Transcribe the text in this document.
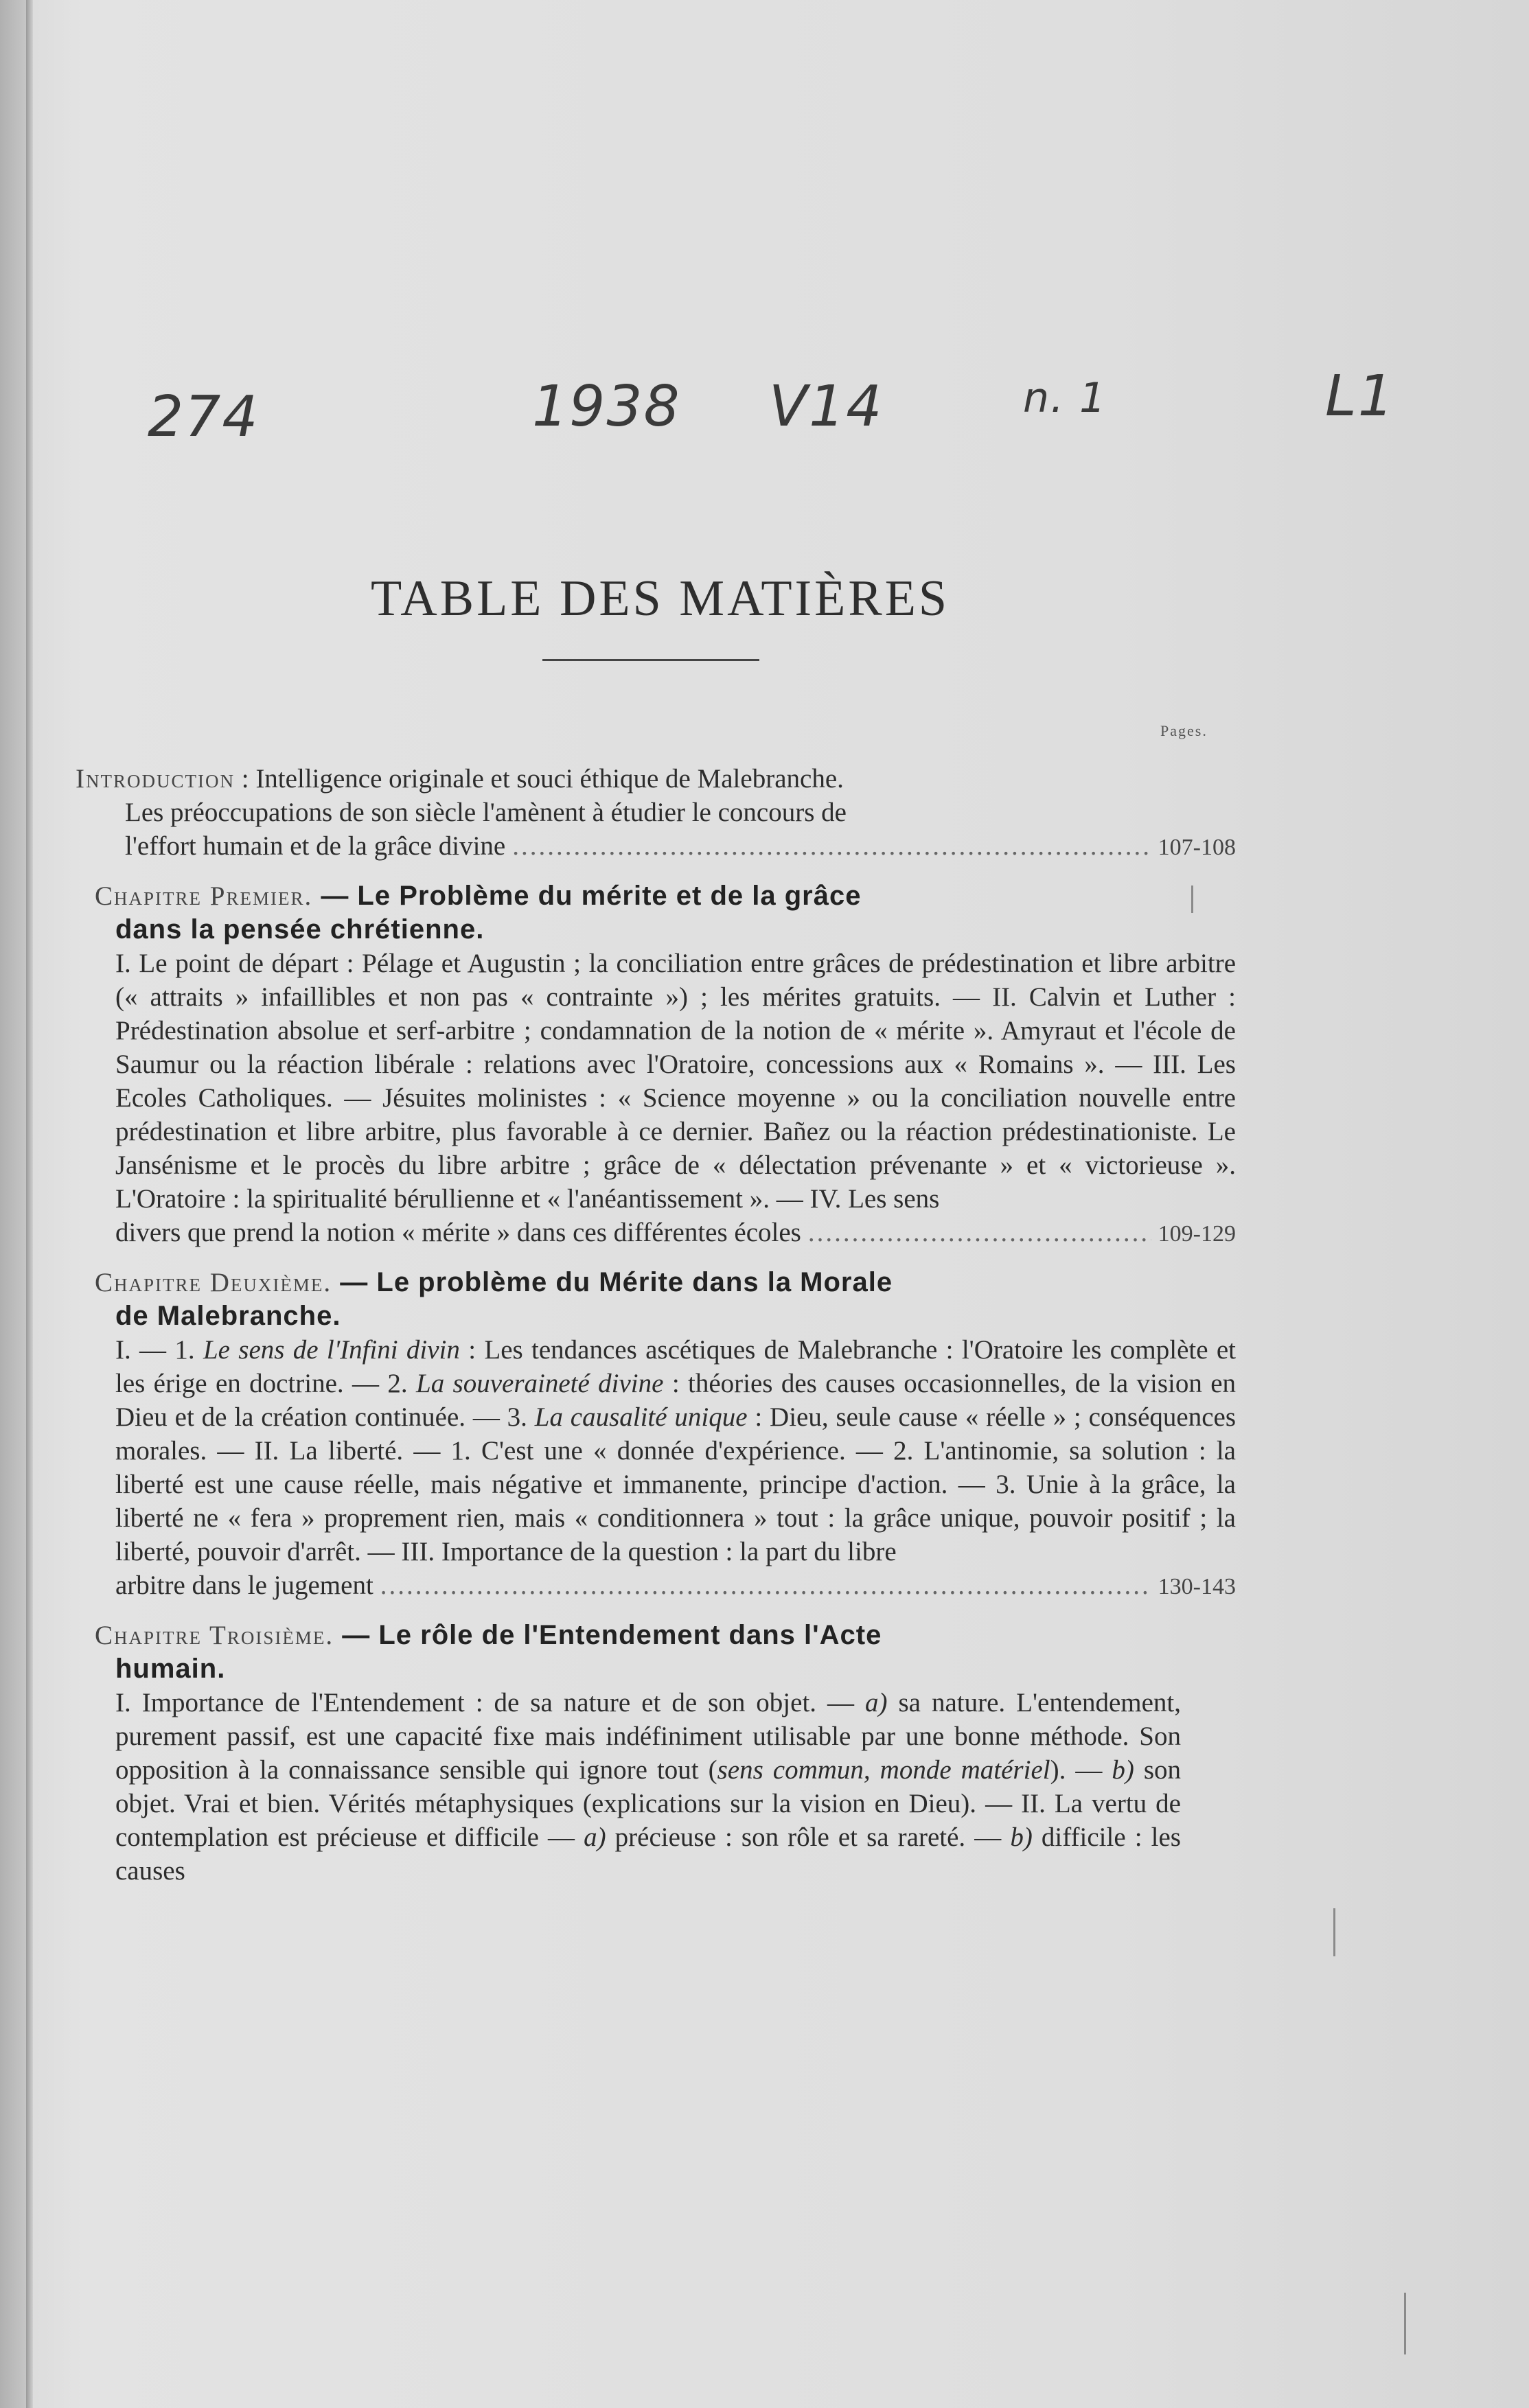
274	1938 V14	n. 1	L1
TABLE DES MATIÈRES
Pages.

Introduction : Intelligence originale et souci éthique de Malebranche.

Les préoccupations de son siècle l'amènent à étudier le concours de

l'effort humain et de la grâce divine .....	107-108

Chapitre Premier. — Le Problème du mérite et de la grâce

dans la pensée chrétienne.

I. Le point de départ : Pélage et Augustin ; la conciliation entre grâces de prédestination et libre arbitre (« attraits » infaillibles et non pas « contrainte ») ; les mérites gratuits. — II. Calvin et Luther : Prédestination absolue et serf-arbitre ; condamnation de la notion de « mérite ». Amyraut et l'école de Saumur ou la réaction libérale : relations avec l'Oratoire, concessions aux « Romains ». — III. Les Ecoles Catholiques. — Jésuites molinistes : « Science moyenne » ou la conciliation nouvelle entre prédestination et libre arbitre, plus favorable à ce dernier. Bañez ou la réaction prédestinationiste. Le Jansénisme et le procès du libre arbitre ; grâce de « délectation prévenante » et « victorieuse ». L'Oratoire : la spiritualité bérullienne et « l'anéantissement ». — IV. Les sens

divers que prend la notion « mérite » dans ces différentes écoles .....	109-129

Chapitre Deuxième. — Le problème du Mérite dans la Morale

de Malebranche.

I. — 1. Le sens de l'Infini divin : Les tendances ascétiques de Malebranche : l'Oratoire les complète et les érige en doctrine. — 2. La souveraineté divine : théories des causes occasionnelles, de la vision en Dieu et de la création continuée. — 3. La causalité unique : Dieu, seule cause « réelle » ; conséquences morales. — II. La liberté. — 1. C'est une « donnée d'expérience. — 2. L'antinomie, sa solution : la liberté est une cause réelle, mais négative et immanente, principe d'action. — 3. Unie à la grâce, la liberté ne « fera » proprement rien, mais « conditionnera » tout : la grâce unique, pouvoir positif ; la liberté, pouvoir d'arrêt. — III. Importance de la question : la part du libre

arbitre dans le jugement .....	130-143

Chapitre Troisième. — Le rôle de l'Entendement dans l'Acte

humain.

I. Importance de l'Entendement : de sa nature et de son objet. — a) sa nature. L'entendement, purement passif, est une capacité fixe mais indéfiniment utilisable par une bonne méthode. Son opposition à la connaissance sensible qui ignore tout (sens commun, monde matériel). — b) son objet. Vrai et bien. Vérités métaphysiques (explications sur la vision en Dieu). — II. La vertu de contemplation est précieuse et difficile — a) précieuse : son rôle et sa rareté. — b) difficile : les causes
